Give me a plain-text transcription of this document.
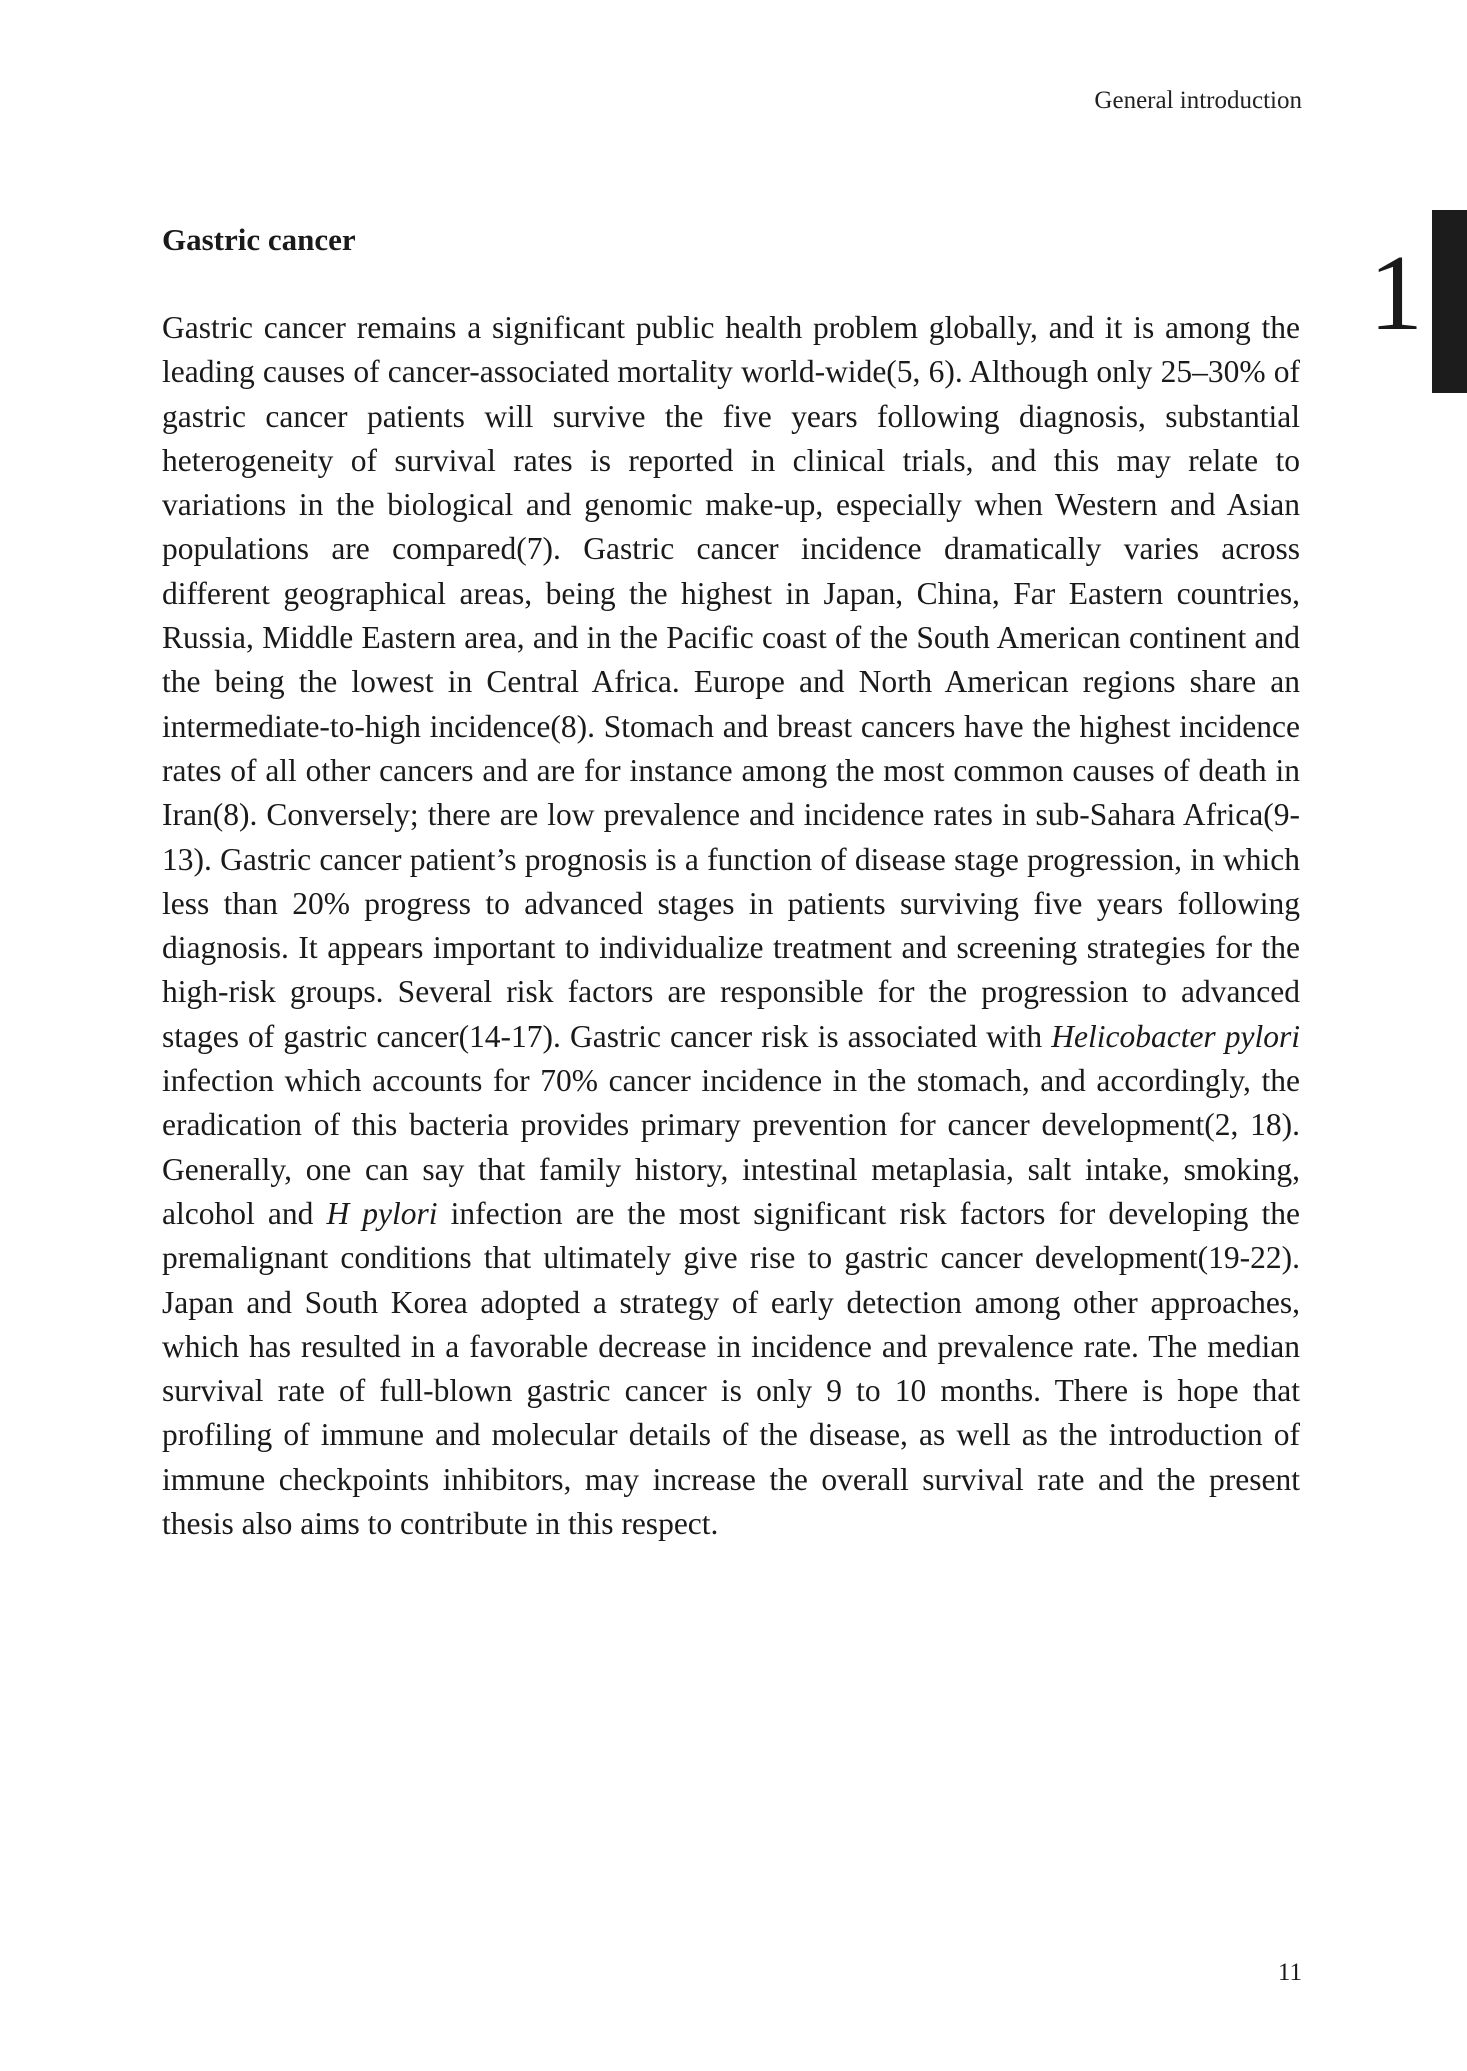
General introduction
1
Gastric cancer

Gastric cancer remains a significant public health problem globally, and it is among the leading causes of cancer-associated mortality world-wide(5, 6). Although only 25–30% of gastric cancer patients will survive the five years following diagnosis, substantial heterogeneity of survival rates is reported in clinical trials, and this may relate to variations in the biological and genomic make-up, especially when Western and Asian populations are compared(7). Gastric cancer incidence dramatically varies across different geographical areas, being the highest in Japan, China, Far Eastern countries, Russia, Middle Eastern area, and in the Pacific coast of the South American continent and the being the lowest in Central Africa. Europe and North American regions share an intermediate-to-high incidence(8). Stomach and breast cancers have the highest incidence rates of all other cancers and are for instance among the most common causes of death in Iran(8). Conversely; there are low prevalence and incidence rates in sub-Sahara Africa(9-13). Gastric cancer patient’s prognosis is a function of disease stage progression, in which less than 20% progress to advanced stages in patients surviving five years following diagnosis. It appears important to individualize treatment and screening strategies for the high-risk groups. Several risk factors are responsible for the progression to advanced stages of gastric cancer(14-17). Gastric cancer risk is associated with Helicobacter pylori infection which accounts for 70% cancer incidence in the stomach, and accordingly, the eradication of this bacteria provides primary prevention for cancer development(2, 18). Generally, one can say that family history, intestinal metaplasia, salt intake, smoking, alcohol and H pylori infection are the most significant risk factors for developing the premalignant conditions that ultimately give rise to gastric cancer development(19-22). Japan and South Korea adopted a strategy of early detection among other approaches, which has resulted in a favorable decrease in incidence and prevalence rate. The median survival rate of full-blown gastric cancer is only 9 to 10 months. There is hope that profiling of immune and molecular details of the disease, as well as the introduction of immune checkpoints inhibitors, may increase the overall survival rate and the present thesis also aims to contribute in this respect.

11
